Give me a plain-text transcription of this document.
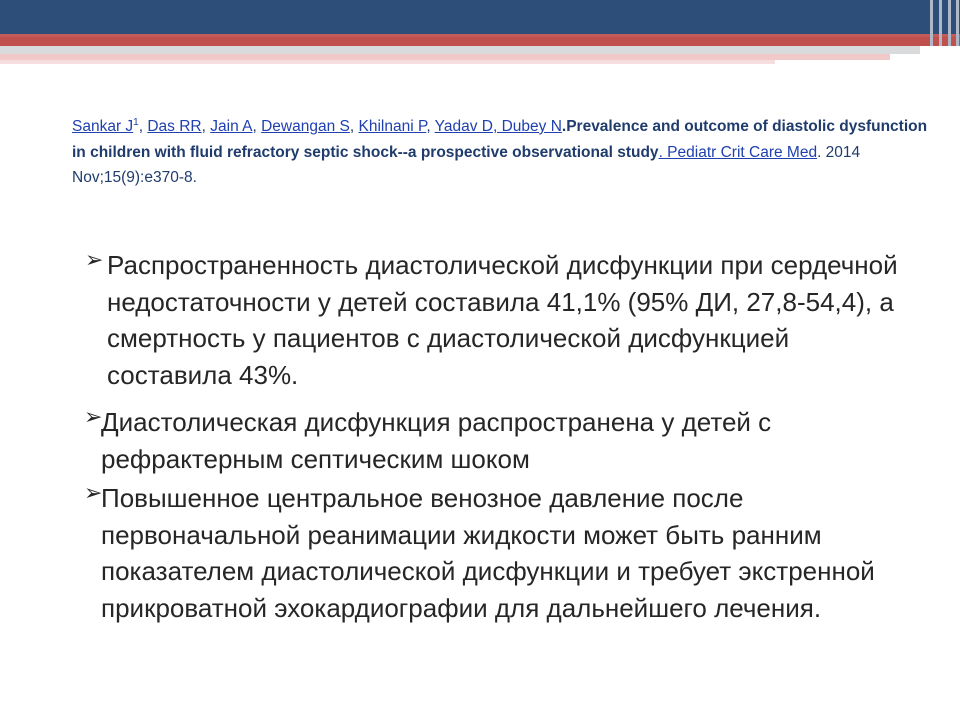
Sankar $J^1$, Das RR, Jain A, Dewangan S, Khilnani P, Yadav D, Dubey N.Prevalence and outcome of diastolic dysfunction in children with fluid refractory septic shock--a prospective observational study. Pediatr Crit Care Med. 2014 Nov;15(9):e370-8.
➢ Распространенность диастолической дисфункции при сердечной недостаточности у детей составила 41,1% (95% ДИ, 27,8-54,4), а смертность у пациентов с диастолической дисфункцией составила 43%.
➢
Диастолическая дисфункция распространена у детей с рефрактерным септическим шоком
➢
Повышенное центральное венозное давление после первоначальной реанимации жидкости может быть ранним показателем диастолической дисфункции и требует экстренной прикроватной эхокардиографии для дальнейшего лечения.
